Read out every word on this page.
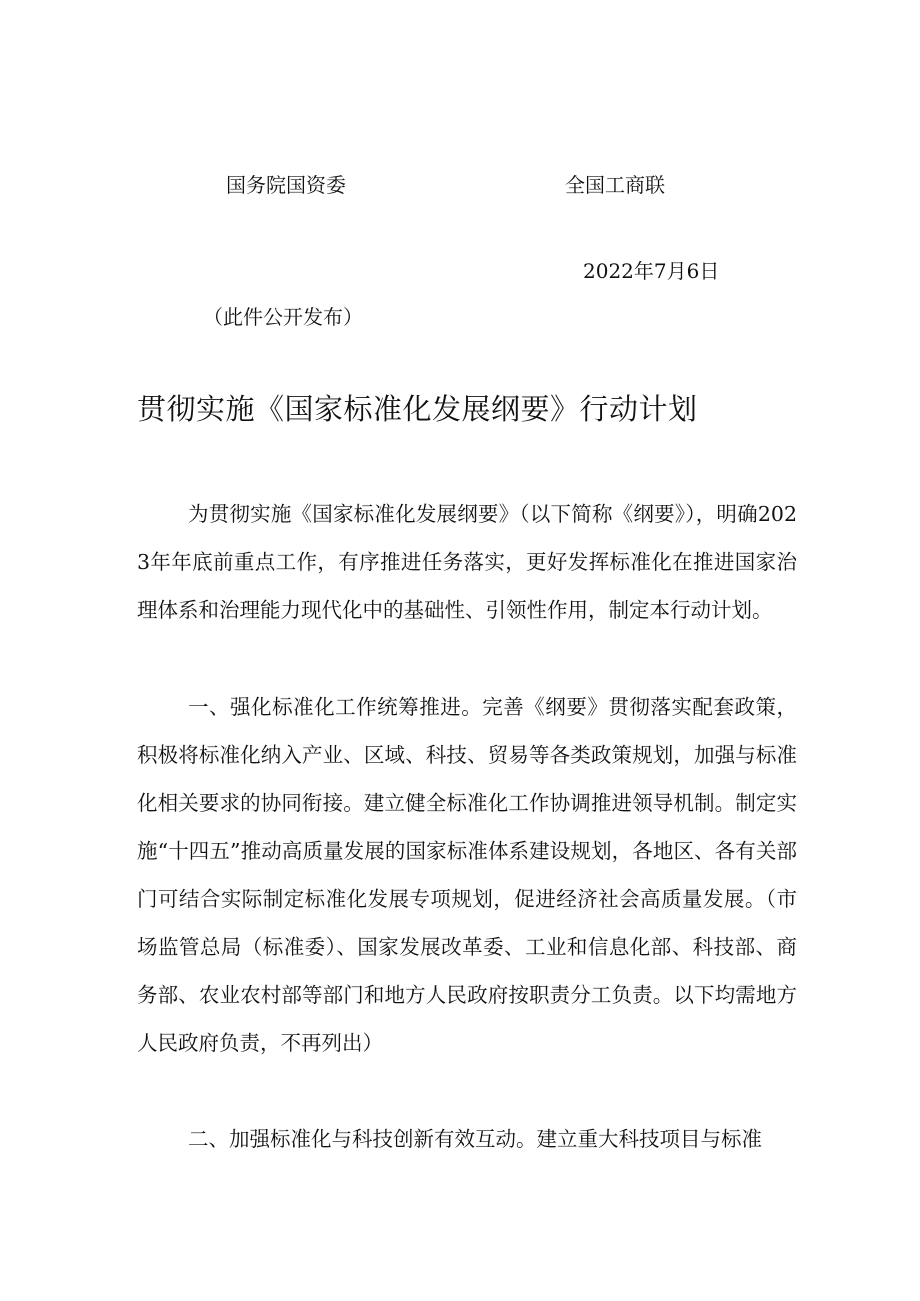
国务院国资委	全国工商联

2022年7月6日

（此件公开发布）

贯彻实施《国家标准化发展纲要》行动计划

为贯彻实施《国家标准化发展纲要》（以下简称《纲要》），明确2023年年底前重点工作，有序推进任务落实，更好发挥标准化在推进国家治理体系和治理能力现代化中的基础性、引领性作用，制定本行动计划。

一、强化标准化工作统筹推进。完善《纲要》贯彻落实配套政策，积极将标准化纳入产业、区域、科技、贸易等各类政策规划，加强与标准化相关要求的协同衔接。建立健全标准化工作协调推进领导机制。制定实施“十四五”推动高质量发展的国家标准体系建设规划，各地区、各有关部门可结合实际制定标准化发展专项规划，促进经济社会高质量发展。（市场监管总局（标准委）、国家发展改革委、工业和信息化部、科技部、商务部、农业农村部等部门和地方人民政府按职责分工负责。以下均需地方人民政府负责，不再列出）

二、加强标准化与科技创新有效互动。建立重大科技项目与标准
